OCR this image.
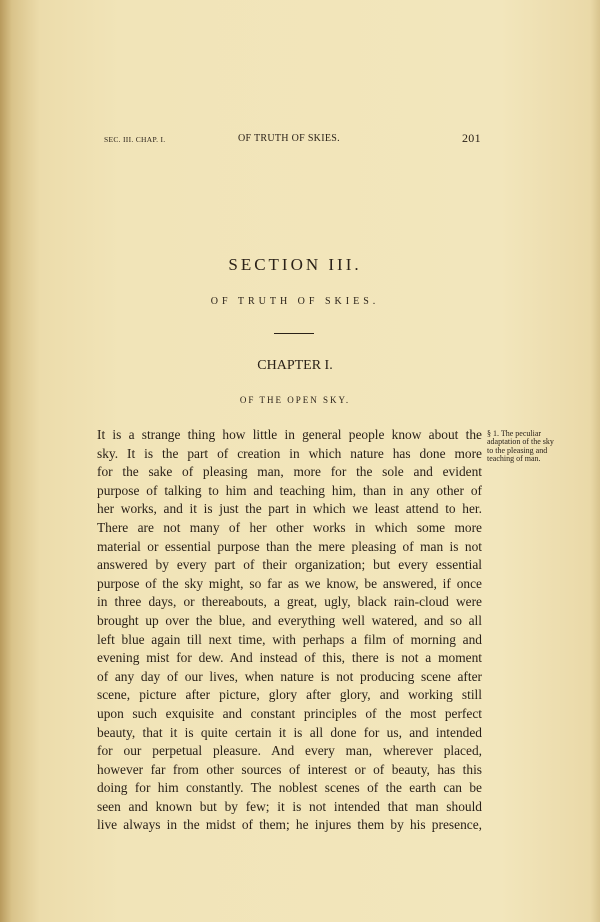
SEC. III. CHAP. I.	OF TRUTH OF SKIES.	201
SECTION III.
OF TRUTH OF SKIES.
CHAPTER I.
OF THE OPEN SKY.
It is a strange thing how little in general people know about the
sky. It is the part of creation in which nature has done more
for the sake of pleasing man, more for the sole and evident
purpose of talking to him and teaching him, than in any other of
her works, and it is just the part in which we least attend to her.
There are not many of her other works in which some more
material or essential purpose than the mere pleasing of man is not
answered by every part of their organization; but every essential
purpose of the sky might, so far as we know, be answered, if once
in three days, or thereabouts, a great, ugly, black rain-cloud were
brought up over the blue, and everything well watered, and so all
left blue again till next time, with perhaps a film of morning and
evening mist for dew. And instead of this, there is not a moment
of any day of our lives, when nature is not producing scene after
scene, picture after picture, glory after glory, and working still
upon such exquisite and constant principles of the most perfect
beauty, that it is quite certain it is all done for us, and intended
for our perpetual pleasure. And every man, wherever placed,
however far from other sources of interest or of beauty, has this
doing for him constantly. The noblest scenes of the earth can be
seen and known but by few; it is not intended that man should
live always in the midst of them; he injures them by his presence,
§ 1. The peculiar adaptation of the sky to the pleasing and teaching of man.
